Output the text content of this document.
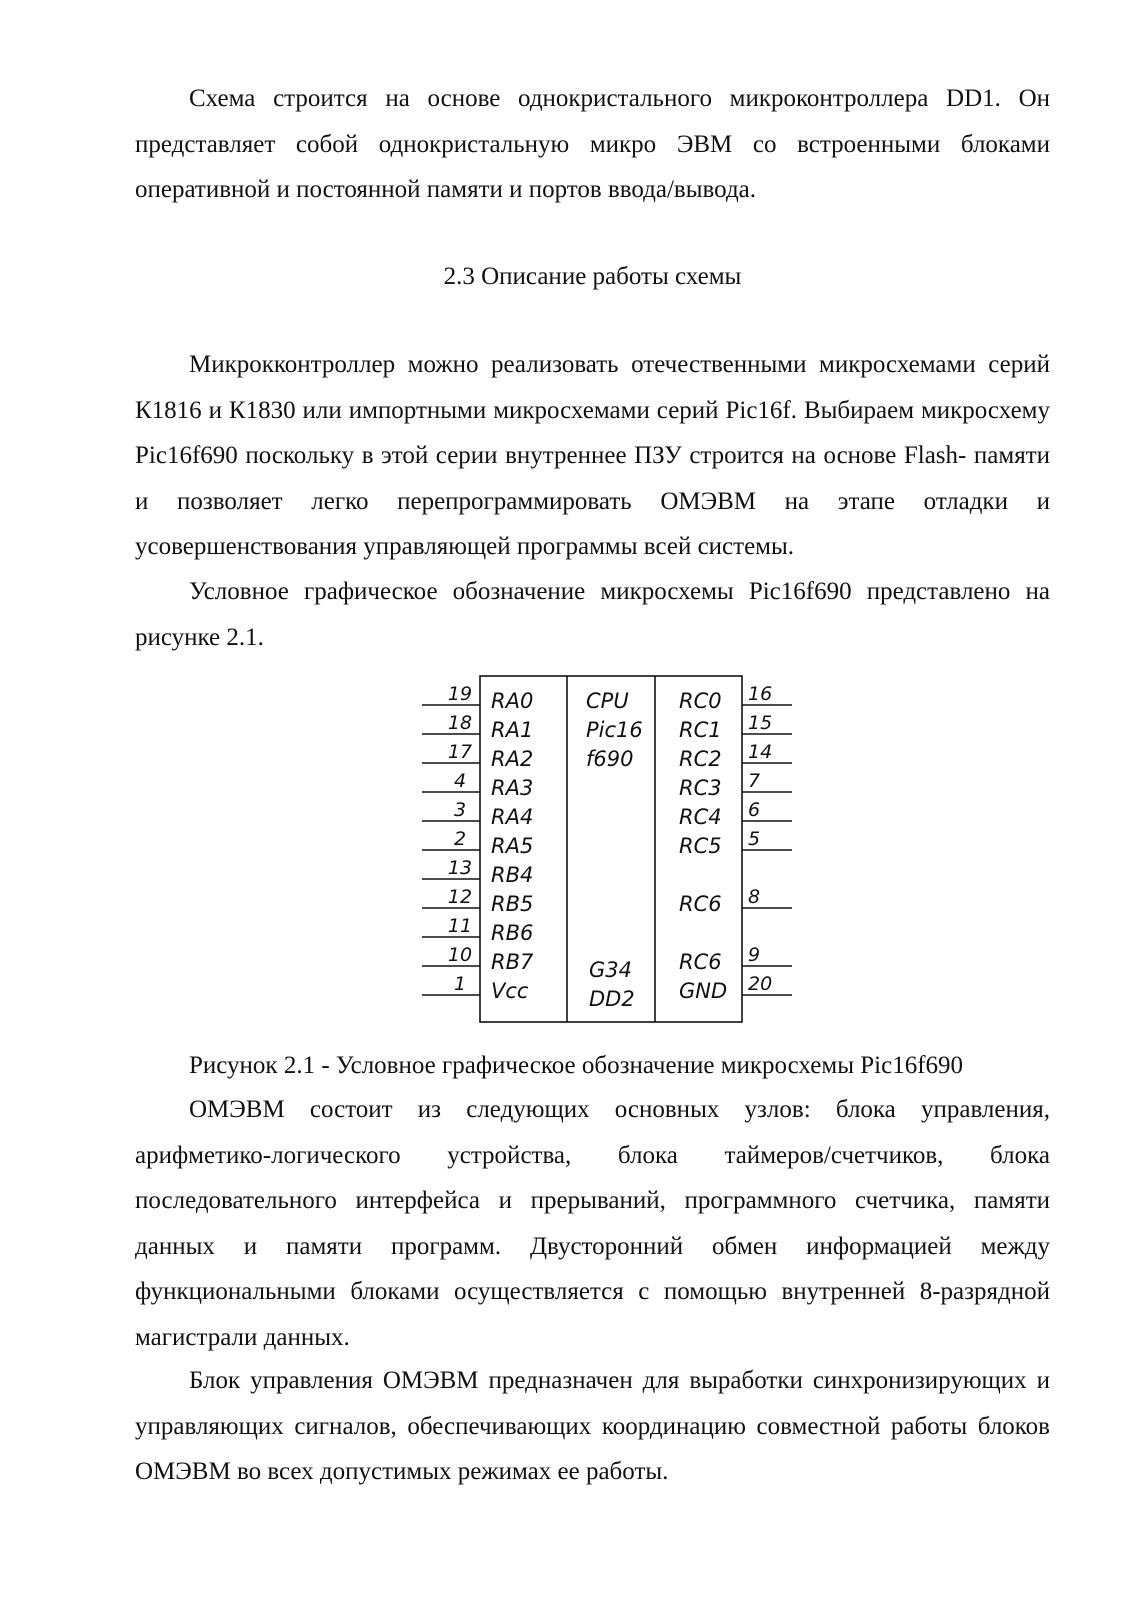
Схема строится на основе однокристального микроконтроллера DD1. Он представляет собой однокристальную микро ЭВМ со встроенными блоками оперативной и постоянной памяти и портов ввода/вывода.

2.3 Описание работы схемы

Микрокконтроллер можно реализовать отечественными микросхемами серий К1816 и К1830 или импортными микросхемами серий Pic16f. Выбираем микросхему Pic16f690 поскольку в этой серии внутреннее ПЗУ строится на основе Flash- памяти и позволяет легко перепрограммировать ОМЭВМ на этапе отладки и усовершенствования управляющей программы всей системы.

Условное графическое обозначение микросхемы Pic16f690 представлено на рисунке 2.1.

CPU
Pic16
f690
G34
DD2
19 RA0
18 RA1
17 RA2
4 RA3
3 RA4
2 RA5
13 RB4
12 RB5
11 RB6
10 RB7
1 Vcc
16
RC0
15
RC1
14
RC2
7
RC3
6
RC4
5
RC5
8
RC6
9
RC6
20
GND

Рисунок 2.1 - Условное графическое обозначение микросхемы Pic16f690

ОМЭВМ состоит из следующих основных узлов: блока управления, арифметико-логического устройства, блока таймеров/счетчиков, блока последовательного интерфейса и прерываний, программного счетчика, памяти данных и памяти программ. Двусторонний обмен информацией между функциональными блоками осуществляется с помощью внутренней 8-разрядной магистрали данных.

Блок управления ОМЭВМ предназначен для выработки синхронизирующих и управляющих сигналов, обеспечивающих координацию совместной работы блоков ОМЭВМ во всех допустимых режимах ее работы.
